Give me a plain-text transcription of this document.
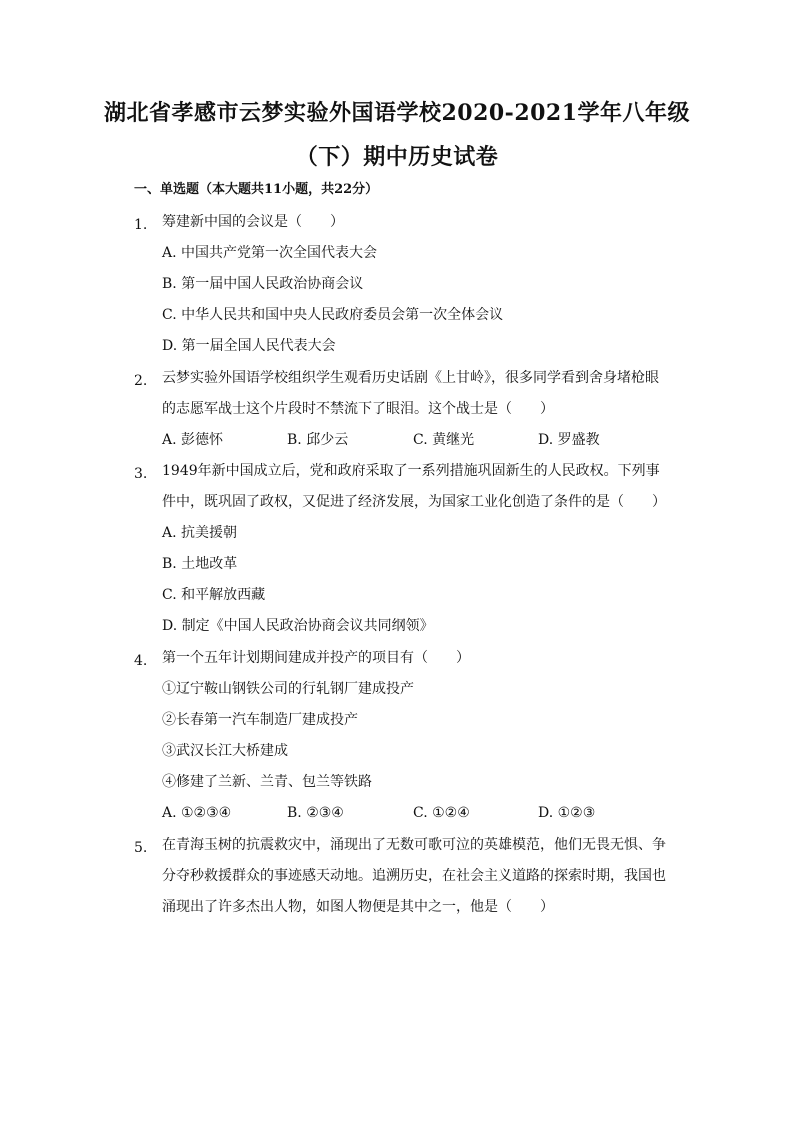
湖北省孝感市云梦实验外国语学校2020-2021学年八年级
（下）期中历史试卷
一、单选题（本大题共11小题，共22分）
1. 筹建新中国的会议是（　　）
A. 中国共产党第一次全国代表大会
B. 第一届中国人民政治协商会议
C. 中华人民共和国中央人民政府委员会第一次全体会议
D. 第一届全国人民代表大会
2. 云梦实验外国语学校组织学生观看历史话剧《上甘岭》，很多同学看到舍身堵枪眼
的志愿军战士这个片段时不禁流下了眼泪。这个战士是（　　）
A. 彭德怀	B. 邱少云	C. 黄继光	D. 罗盛教
3. 1949年新中国成立后，党和政府采取了一系列措施巩固新生的人民政权。下列事
件中，既巩固了政权，又促进了经济发展，为国家工业化创造了条件的是（　　）
A. 抗美援朝
B. 土地改革
C. 和平解放西藏
D. 制定《中国人民政治协商会议共同纲领》
4. 第一个五年计划期间建成并投产的项目有（　　）
①辽宁鞍山钢铁公司的行轧钢厂建成投产
②长春第一汽车制造厂建成投产
③武汉长江大桥建成
④修建了兰新、兰青、包兰等铁路
A. ①②③④	B. ②③④	C. ①②④	D. ①②③
5. 在青海玉树的抗震救灾中，涌现出了无数可歌可泣的英雄模范，他们无畏无惧、争
分夺秒救援群众的事迹感天动地。追溯历史，在社会主义道路的探索时期，我国也
涌现出了许多杰出人物，如图人物便是其中之一，他是（　　）
